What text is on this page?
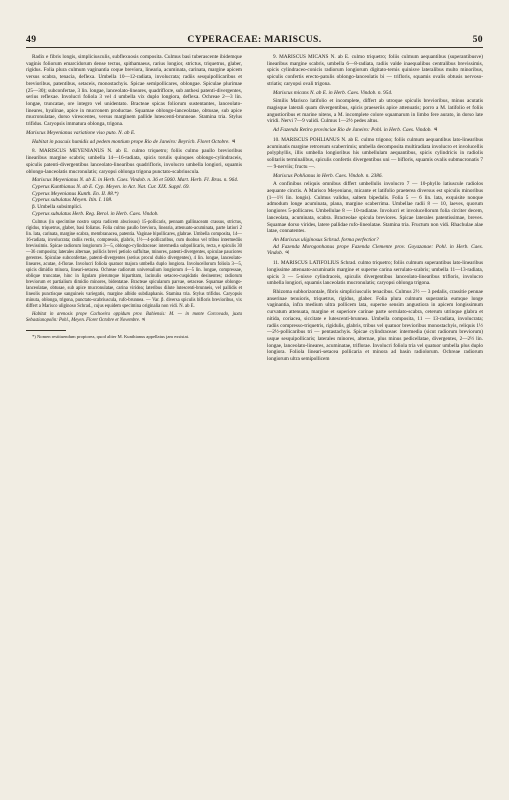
49	CYPERACEAE: MARISCUS.	50

Radix e fibris longis, simpliciusculis, subflexuosis composita. Culmus basi tuberascente ibidemque vaginis foliorum emarcidorum dense tectus, spithamaeus, rarius longior, strictus, triquetrus, glaber, rigidus. Folia plura culmum vaginantia coque breviora, linearia, acuminata, carinata, margine apicem versus scabra, tenacia, deflexa. Umbella 10—12-radiata, involucrata; radiis sesquipollicaribus et brevioribus, patentibus, setaceis, monostachyis. Spicae semipollicares, oblongae. Spiculae plurimae (25—30); subconfertae, 3 lin. longae, lanceolato-lineares, quadrifloræ, sub anthesi patenti-divergentes, serius reflexae. Involucri foliola 3 vel 4 umbella vix duplo longiora, deflexa. Ochreae 2—3 lin. longae, truncatae, ore integro vel unidentato. Bracteae spicas foliorum sustentantes, lanceolato-lineares, hyalinae, apice in mucronem productae. Squamae oblongo-lanceolatae, obtusae, sub apice mucronulatae, dorso virescentes, versus marginem pallide lutescenti-brunneae. Stamina tria. Stylus trifidus. Caryopsis immatura oblonga, trigona.

Mariscus Meyenianus variatione viso puto. N. ab E.

Habitat in pascuis humidis ad pedem montium prope Rio de Janeiro: Beyrich. Floret Octobre. ♃

8. MARISCUS MEYENIANUS N. ab E. culmo triquetro; foliis culmo paullo brevioribus linearibus margine scabris; umbella 14—16-radiata, spicis torulis quinques oblongo-cylindraceis, spiculis patenti-divergentibus lanceolato-linearibus quadrifloris, involucro umbella longiori, squamis oblongo-lanceolatis mucronulatis; caryopsi oblonga trigona punctato-scabriuscula.

Mariscus Meyenianus N. ab E. in Herb. Caes. Vindob. n. 36 et 5060. Mart. Herb. Fl. Bras. n. 964.

Cyperus Kunthianus N. ab E. Cyp. Meyen. in Act. Nat. Cur. XIX. Suppl. 69.

Cyperus Meyenianus Kunth. En. II. 88.*)

Cyperus subulatus Meyen. Itin. I. 108.

β. Umbella subsimplici.

Cyperus subulatus Herb. Reg. Berol. in Herb. Caes. Vindob.

Culmus (in specimine nostro supra radicem abscissus) 15-pollicaris, pennam gallinaceam crassus, strictus, rigidus, triquetrus, glaber, basi foliatus. Folia culmo paullo breviora, linearia, attenuato-acuminata, parte latiori 2 lin. lata, carinata, margine scabra, membranacea, patentia. Vaginae bipollicares, glabrae. Umbella composita, 14—16-radiata, involucrata; radiis rectis, compressis, glabris, 1½—4-pollicaribus, cum duobus vel tribus intermediis brevissimis. Spicae radiorum longiorum 3—5, oblongo-cylindraceae: intermedia subpollicaris, recta, e spiculis 30—36 composita; laterales alternae, pollicis brevi petiolo suffultae, minores, patenti-divergentes, spiculae pauciores gerentes. Spiculae subconfertae, patenti-divergentes (serius procul dubio divergentes), 4 lin. longae, lanceolato-lineares, acutae, 4-florae. Involucri foliola quatuor majora umbella duplo longiora. Involucellorum foliola 3—5, spicis dimidio minora, lineari-setacea. Ochreae radiorum universalium longiorum 4—5 lin. longae, compressae, oblique truncatae, hinc in ligulam plerumque bipartitam, lacinulis setaceo-cuspidatis desinentes; radiorum breviorum et partialium dimidio minores, bidentatae. Bracteae spicularum parvae, setaceae. Squamae oblongo-lanceolatae, obtusae, sub apice mucronulatae, carina viridea; lateribus dilute lutescenti-brunneis, vel pallidis et lineolis punctisque sanguineis variegatis, margine albido subdiaphanis. Stamina tria. Stylus trifidus. Caryopsis minuta, oblonga, trigona, punctato-scabriuscula, rufo-brunnea. — Var. β. diversa spiculis bifloris brevioribus, vix differt a Marisco uliginoso Schrad., cujus equidem specimina originalia non vidi. N. ab E.

Habitat in arenosis prope Cachoeira oppidum prov. Bahiensis: M. — in monte Corcovado, juxta Sebastianopolin: Pohl., Meyen. Floret Octobre et Novembre. ♃

*) Nomen restituendum proptorea, quod aliter M. Kunthianus appellatus jam exsistat.

9. MARISCUS MICANS N. ab E. culmo triquetro; foliis culmum aequantibus (superantibusve) linearibus margine scabris, umbella 6—8-radiata, radiis valde inaequalibus centralibus brevissimis, spicis cylindraceo-conicis radiorum longiorum digitato-ternis quinisve lateralibus multo minoribus, spiculis confertis erecto-patulis oblongo-lanceolatis bi — trifloris, squamis ovalis obtusis nervoso-striatis; caryopsi ovali trigona.

Mariscus micans N. ab E. in Herb. Caes. Vindob. n. 954.

Similis Marisco latifolio et incomplete, differt ab utroque spiculis brevioribus, minus acutatis magisque laterali quam divergentibus, spicis praeseriis apice attenuatis; porro a M. latifolio et foliis angustioribus et marine nitens, a M. incomplete colore squamarum in limbo fere aurato, in dorso late viridi. Nervi 7—9 validi. Culmus 1—2½ pedes altus.

Ad Fazenda Retiro provinciae Rio de Janeiro: Pohl. in Herb. Caes. Vindob. ♃

10. MARISCUS POHLIANUS N. ab E. culmo trigono; foliis culmum aequantibus lato-linearibus acuminatis margine retrorsum scaberrimis; umbella decomposita multiradiata involucro et involucellis polyphyllis, illis umbella longioribus his umbellulam aequantibus, spicis cylindricis in radiolis solitariis terminalibus, spiculis confertis divergentibus uni — bifloris, squamis ovalis submucronatis 7 — 9-nerviis; fructu —.

Mariscus Pohlianus in Herb. Caes. Vindob. n. 2386.

A confinibus reliquis omnibus differt umbellulis involucro 7 — 10-phyllo latiuscule radiolos aequante cinctis. A Marisco Meyeniano, micante et latifolio praeterea diversus est spiculis minoribus (1—1½ lin. longis). Culmus validus, saltem bipedalis. Folia 5 — 6 lin. lata, exquisite nonque admodum longe acuminata, plana, margine scaberrima. Umbellae radii 8 — 10, laeves, quorum longiores 5-pollicares. Umbellulae 8 — 10-radiatae. Involucri et involucellorum folia circiter decem, lanceolata, acuminata, scabra. Bracteolae spicula breviores. Spicae laterales patentissimae, breves. Squamae dorso virides, latere pallidae rufo-lineolatae. Stamina tria. Fructum non vidi. Rhachulae alae latae, connatentes.

An Mariscus uliginosus Schrad. forma perfectior?

Ad Fazenda Morogonhanus prope Fazenda Clemente prov. Goyazanae: Pohl. in Herb. Caes. Vindob. ♃

11. MARISCUS LATIFOLIUS Schrad. culmo triquetro; foliis culmum superantibus lato-linearibus longissime attenuato-acuminatis margine et superne carina serrulato-scabris; umbella 11—13-radiata, spicis 3 — 5-nisve cylindraceis, spiculis divergentibus lanceolato-linearibus trifloris, involucro umbella longiori, squamis lanceolatis mucronulatis; caryopsi oblonga trigona.

Rhizoma subhorizontale, fibris simpliciusculis tenacibus. Culmus 2½ — 3 pedalis, crassitie pennae anserinae tenuioris, triquetrus, rigidus, glaber. Folia plura culmum superantia eumque longe vaginantia, infra medium ultra pollicem lata, superne sensim angustiora in apicem longissimum curvatum attenuata, margine et superiore carinae parte serrulato-scabra, ceterum utrinque glabra et nitida, coriacea, siccitate e lutescenti-brunnea. Umbella composita, 11 — 13-radiata, involucrata; radiis compresso-triquetris, rigidulis, glabris, tribus vel quatuor brevioribus monostachyis, reliquis 1½—2½-pollicaribus tri — pentastachyis. Spicae cylindraceae: intermedia (sicut radiorum breviorum) usque sesquipollicaris; laterales minores, alternae, plus minus pedicellatae, divergentes, 2—2½ lin. longae, lanceolato-lineares, acuminatae, triflorae. Involucri foliola tria vel quatuor umbella plus duplo longiora. Foliola lineari-setacea pollicaria et minora ad basin radiolorum. Ochreae radiorum longiorum ultra semipollicem
